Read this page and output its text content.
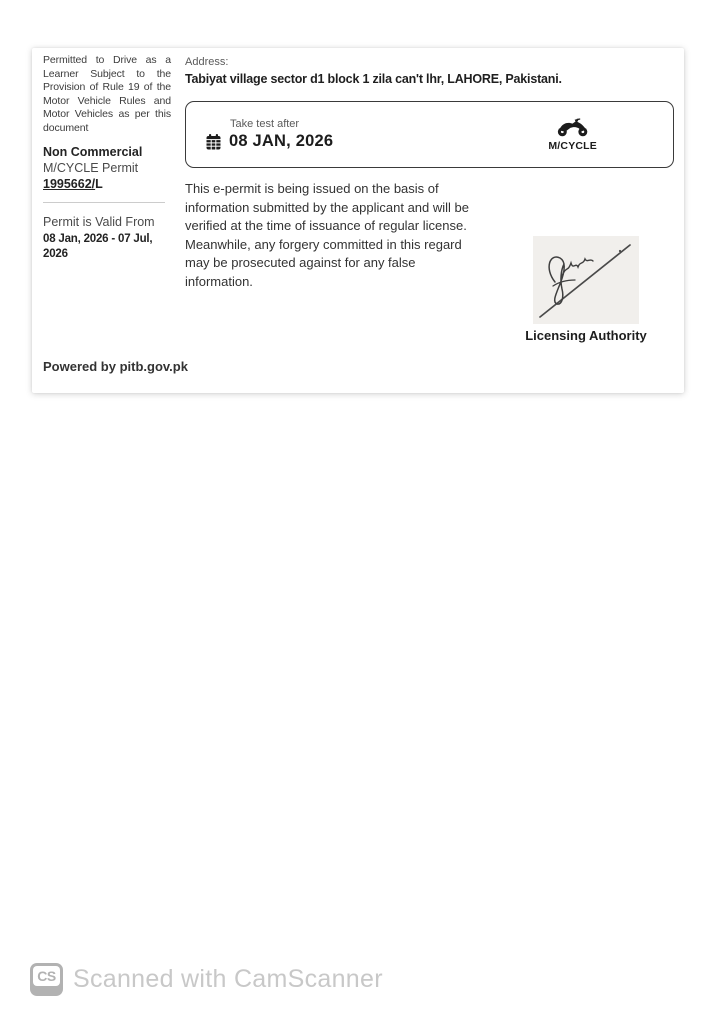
Permitted to Drive as a Learner Subject to the Provision of Rule 19 of the Motor Vehicle Rules and Motor Vehicles as per this document
Non Commercial
M/CYCLE Permit
1995662/L
Permit is Valid From
08 Jan, 2026 - 07 Jul, 2026
Address:
Tabiyat village sector d1 block 1 zila can't lhr, LAHORE, Pakistani.
Take test after
08 JAN, 2026	M/CYCLE
This e-permit is being issued on the basis of information submitted by the applicant and will be verified at the time of issuance of regular license. Meanwhile, any forgery committed in this regard may be prosecuted against for any false information.
Licensing Authority
Powered by pitb.gov.pk
CS Scanned with CamScanner
